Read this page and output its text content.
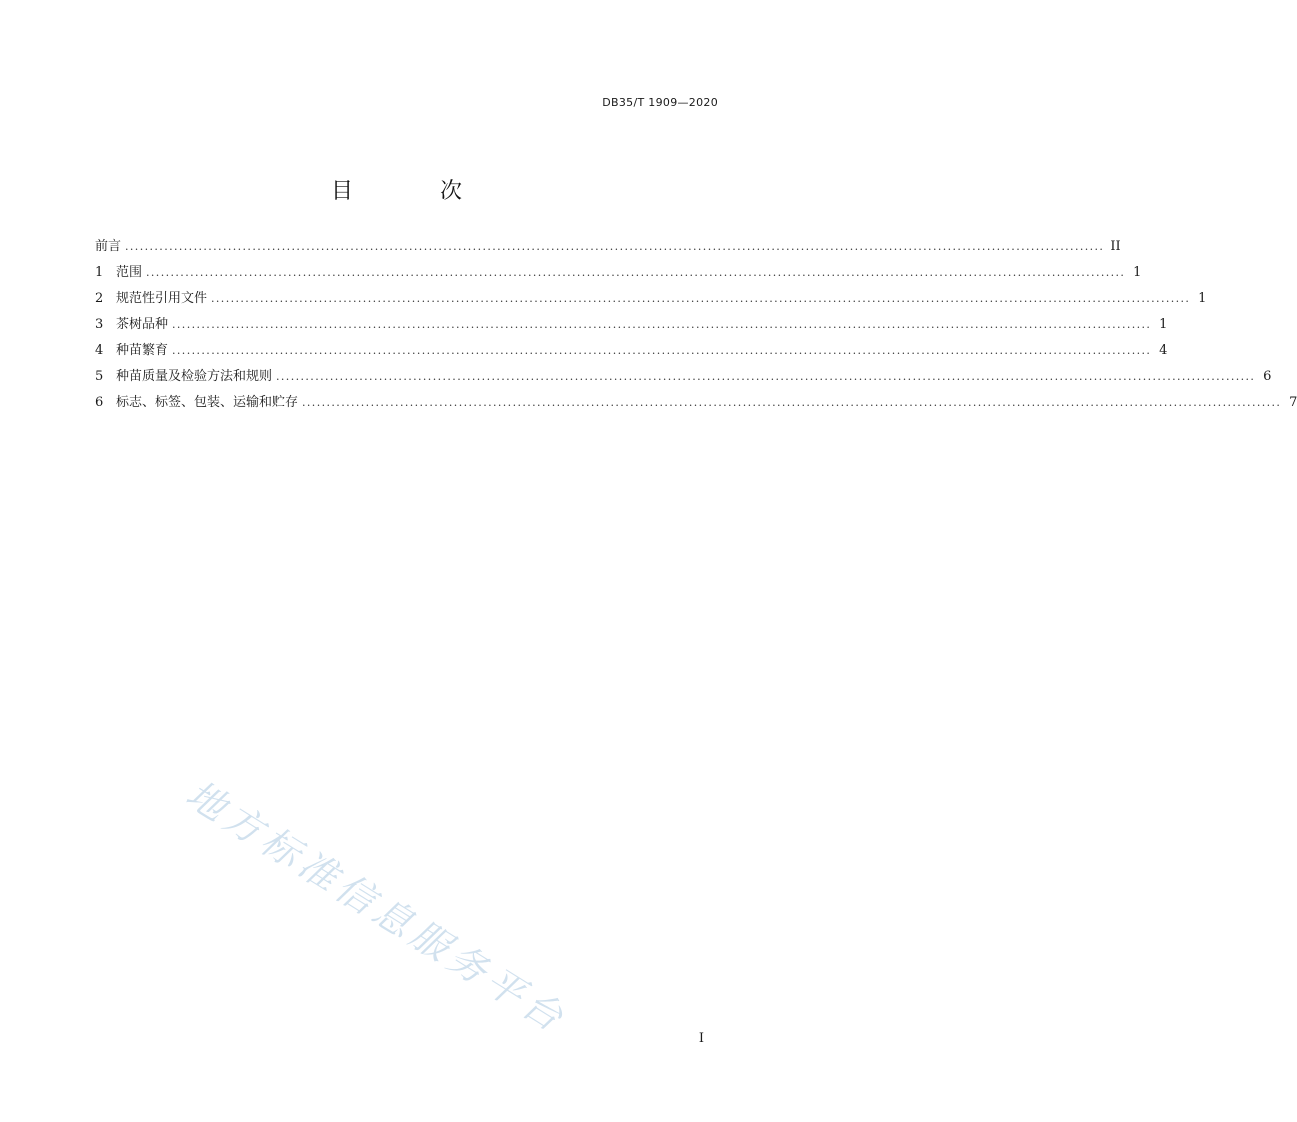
DB35/T 1909—2020
目 次
前言 ........................................................................................................................................................................................................ II
1 范围 ........................................................................................................................................................................................................ 1
2 规范性引用文件 ........................................................................................................................................................................................................ 1
3 茶树品种 ........................................................................................................................................................................................................ 1
4 种苗繁育 ........................................................................................................................................................................................................ 4
5 种苗质量及检验方法和规则 ........................................................................................................................................................................................................ 6
6 标志、标签、包装、运输和贮存 ........................................................................................................................................................................................................ 7
地方标准信息服务平台	I
